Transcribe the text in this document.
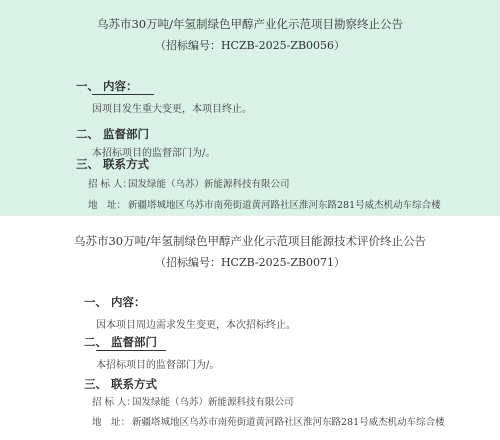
乌苏市30万吨/年氢制绿色甲醇产业化示范项目勘察终止公告
（招标编号：HCZB-2025-ZB0056）
一、 内容：
因项目发生重大变更，本项目终止。
二、 监督部门
本招标项目的监督部门为/。
三、 联系方式
招 标 人：国发绿能（乌苏）新能源科技有限公司
地　址： 新疆塔城地区乌苏市南苑街道黄河路社区淮河东路281号威杰机动车综合楼
乌苏市30万吨/年氢制绿色甲醇产业化示范项目能源技术评价终止公告
（招标编号：HCZB-2025-ZB0071）
一、 内容：
因本项目周边需求发生变更，本次招标终止。
二、 监督部门
本招标项目的监督部门为/。
三、 联系方式
招 标 人：国发绿能（乌苏）新能源科技有限公司
地　址： 新疆塔城地区乌苏市南苑街道黄河路社区淮河东路281号威杰机动车综合楼
